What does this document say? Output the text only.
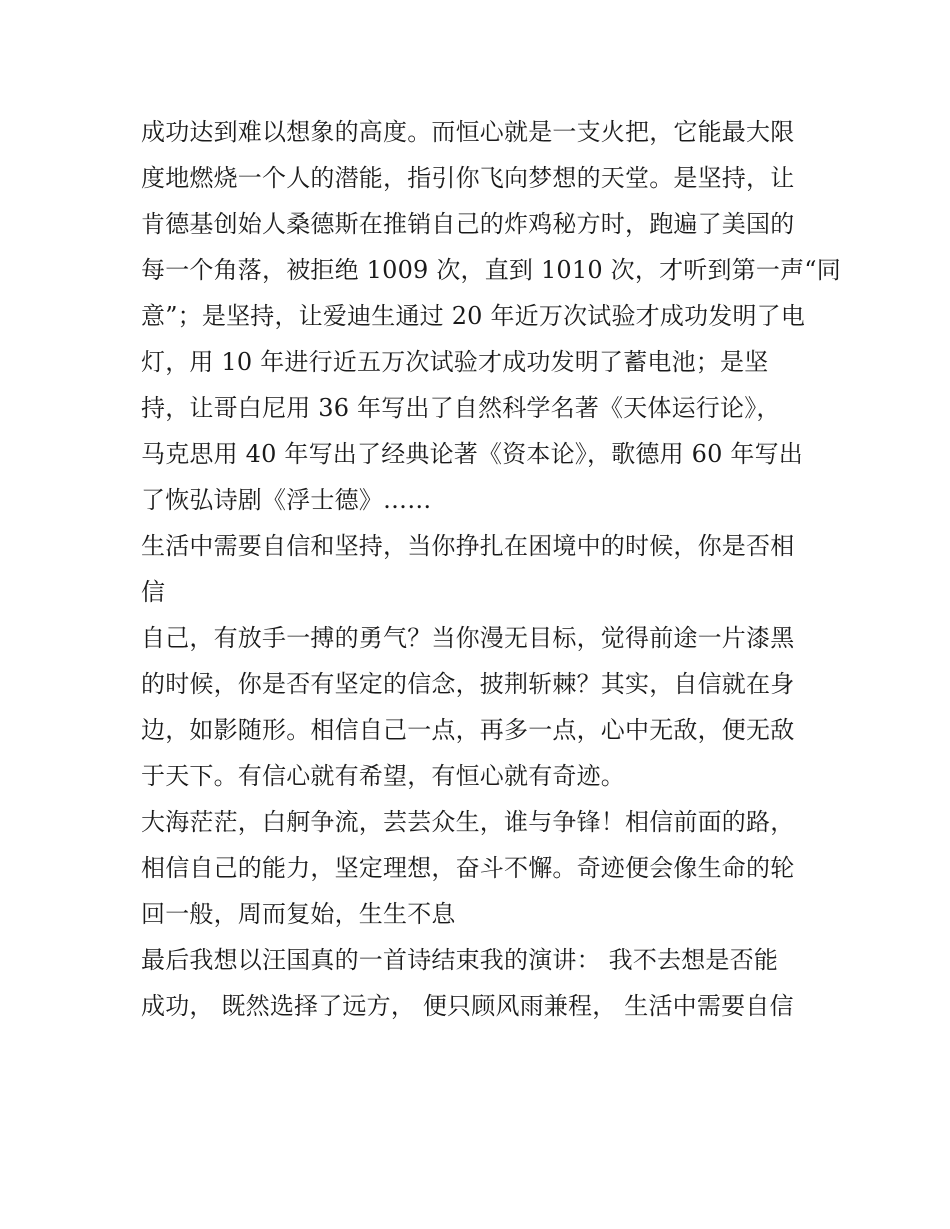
成功达到难以想象的高度。而恒心就是一支火把，它能最大限
度地燃烧一个人的潜能，指引你飞向梦想的天堂。是坚持，让
肯德基创始人桑德斯在推销自己的炸鸡秘方时，跑遍了美国的
每一个角落，被拒绝 1009 次，直到 1010 次，才听到第一声“同
意”；是坚持，让爱迪生通过 20 年近万次试验才成功发明了电
灯，用 10 年进行近五万次试验才成功发明了蓄电池；是坚
持，让哥白尼用 36 年写出了自然科学名著《天体运行论》，
马克思用 40 年写出了经典论著《资本论》，歌德用 60 年写出
了恢弘诗剧《浮士德》……
生活中需要自信和坚持，当你挣扎在困境中的时候，你是否相
信
自己，有放手一搏的勇气？当你漫无目标，觉得前途一片漆黑
的时候，你是否有坚定的信念，披荆斩棘？其实，自信就在身
边，如影随形。相信自己一点，再多一点，心中无敌，便无敌
于天下。有信心就有希望，有恒心就有奇迹。
大海茫茫，白舸争流，芸芸众生，谁与争锋！相信前面的路，
相信自己的能力，坚定理想，奋斗不懈。奇迹便会像生命的轮
回一般，周而复始，生生不息
最后我想以汪国真的一首诗结束我的演讲： 我不去想是否能
成功， 既然选择了远方， 便只顾风雨兼程， 生活中需要自信
